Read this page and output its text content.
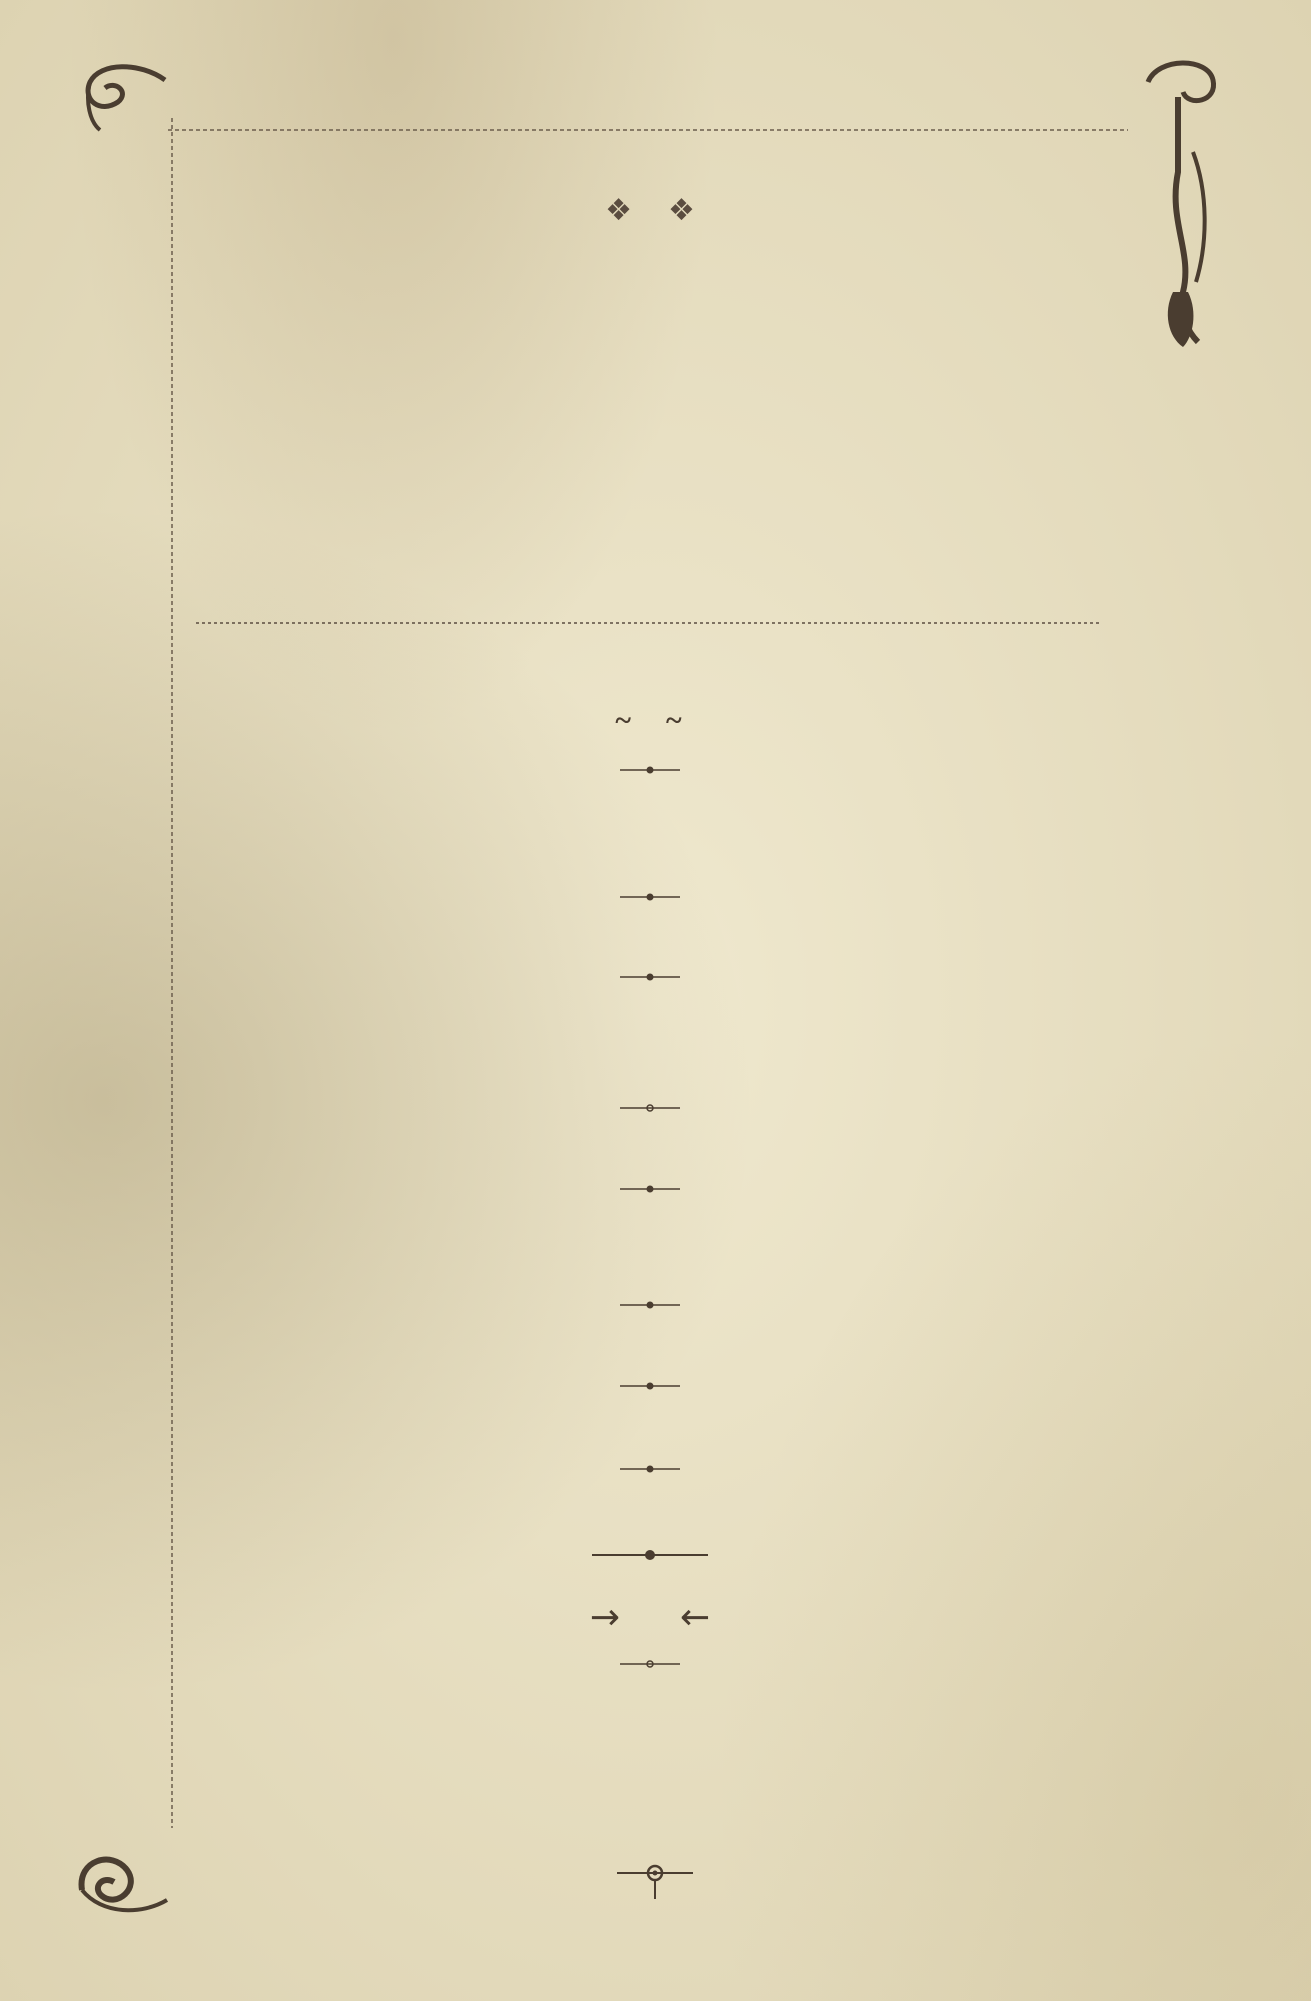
❖ ❖
~ ~
→ ←
